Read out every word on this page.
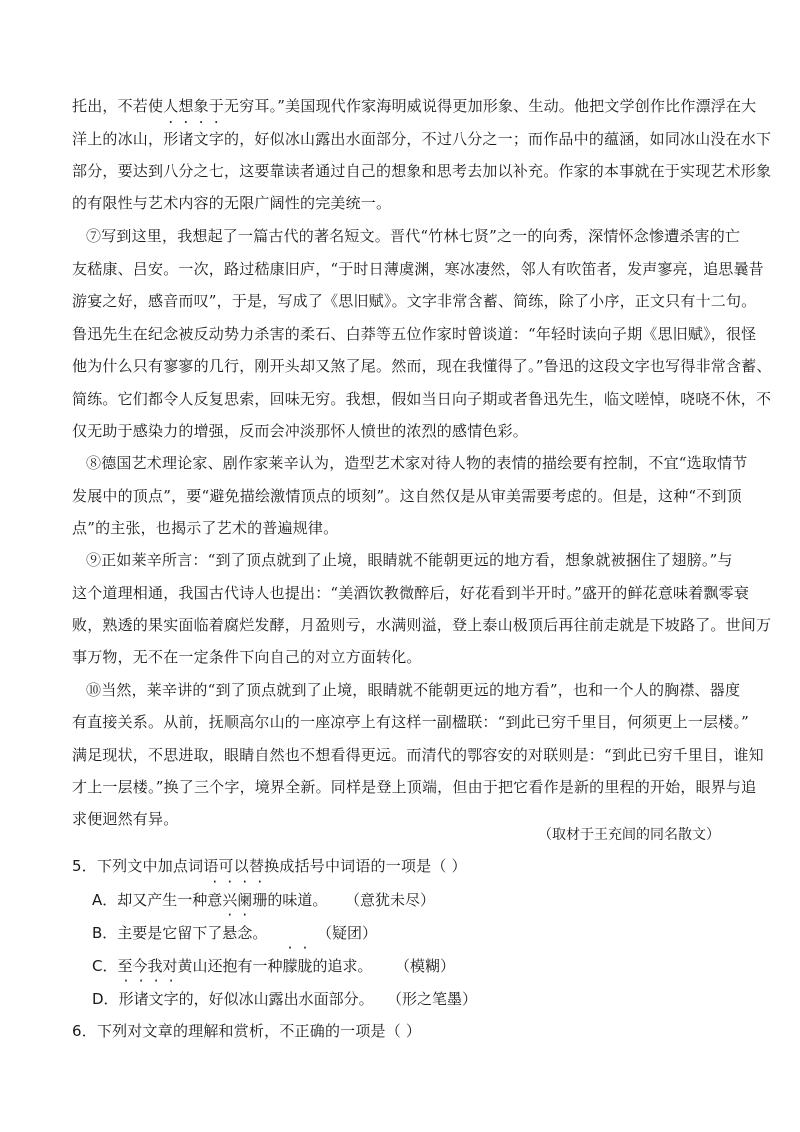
托出，不若使人想象于无穷耳。”美国现代作家海明威说得更加形象、生动。他把文学创作比作漂浮在大
洋上的冰山，形诸文字的，好似冰山露出水面部分，不过八分之一；而作品中的蕴涵，如同冰山没在水下
部分，要达到八分之七，这要靠读者通过自己的想象和思考去加以补充。作家的本事就在于实现艺术形象
的有限性与艺术内容的无限广阔性的完美统一。
⑦写到这里，我想起了一篇古代的著名短文。晋代“竹林七贤”之一的向秀，深情怀念惨遭杀害的亡
友嵇康、吕安。一次，路过嵇康旧庐，“于时日薄虞渊，寒冰凄然，邻人有吹笛者，发声寥亮，追思曩昔
游宴之好，感音而叹”，于是，写成了《思旧赋》。文字非常含蓄、简练，除了小序，正文只有十二句。
鲁迅先生在纪念被反动势力杀害的柔石、白莽等五位作家时曾谈道：“年轻时读向子期《思旧赋》，很怪
他为什么只有寥寥的几行，刚开头却又煞了尾。然而，现在我懂得了。”鲁迅的这段文字也写得非常含蓄、
简练。它们都令人反复思索，回味无穷。我想，假如当日向子期或者鲁迅先生，临文嗟悼，哓哓不休，不
仅无助于感染力的增强，反而会冲淡那怀人愤世的浓烈的感情色彩。
⑧德国艺术理论家、剧作家莱辛认为，造型艺术家对待人物的表情的描绘要有控制，不宜“选取情节
发展中的顶点”，要“避免描绘激情顶点的顷刻”。这自然仅是从审美需要考虑的。但是，这种“不到顶
点”的主张，也揭示了艺术的普遍规律。
⑨正如莱辛所言：“到了顶点就到了止境，眼睛就不能朝更远的地方看，想象就被捆住了翅膀。”与
这个道理相通，我国古代诗人也提出：“美酒饮教微醉后，好花看到半开时。”盛开的鲜花意味着飘零衰
败，熟透的果实面临着腐烂发酵，月盈则亏，水满则溢，登上泰山极顶后再往前走就是下坡路了。世间万
事万物，无不在一定条件下向自己的对立方面转化。
⑩当然，莱辛讲的“到了顶点就到了止境，眼睛就不能朝更远的地方看”，也和一个人的胸襟、器度
有直接关系。从前，抚顺高尔山的一座凉亭上有这样一副楹联：“到此已穷千里目，何须更上一层楼。”
满足现状，不思进取，眼睛自然也不想看得更远。而清代的鄂容安的对联则是：“到此已穷千里目，谁知
才上一层楼。”换了三个字，境界全新。同样是登上顶端，但由于把它看作是新的里程的开始，眼界与追
求便迥然有异。
（取材于王充闾的同名散文）
5．下列文中加点词语可以替换成括号中词语的一项是（ ）
A．却又产生一种意兴阑珊的味道。 （意犹未尽）
B．主要是它留下了悬念。	（疑团）
C．至今我对黄山还抱有一种朦胧的追求。 （模糊）
D．形诸文字的，好似冰山露出水面部分。 （形之笔墨）
6．下列对文章的理解和赏析，不正确的一项是（ ）
